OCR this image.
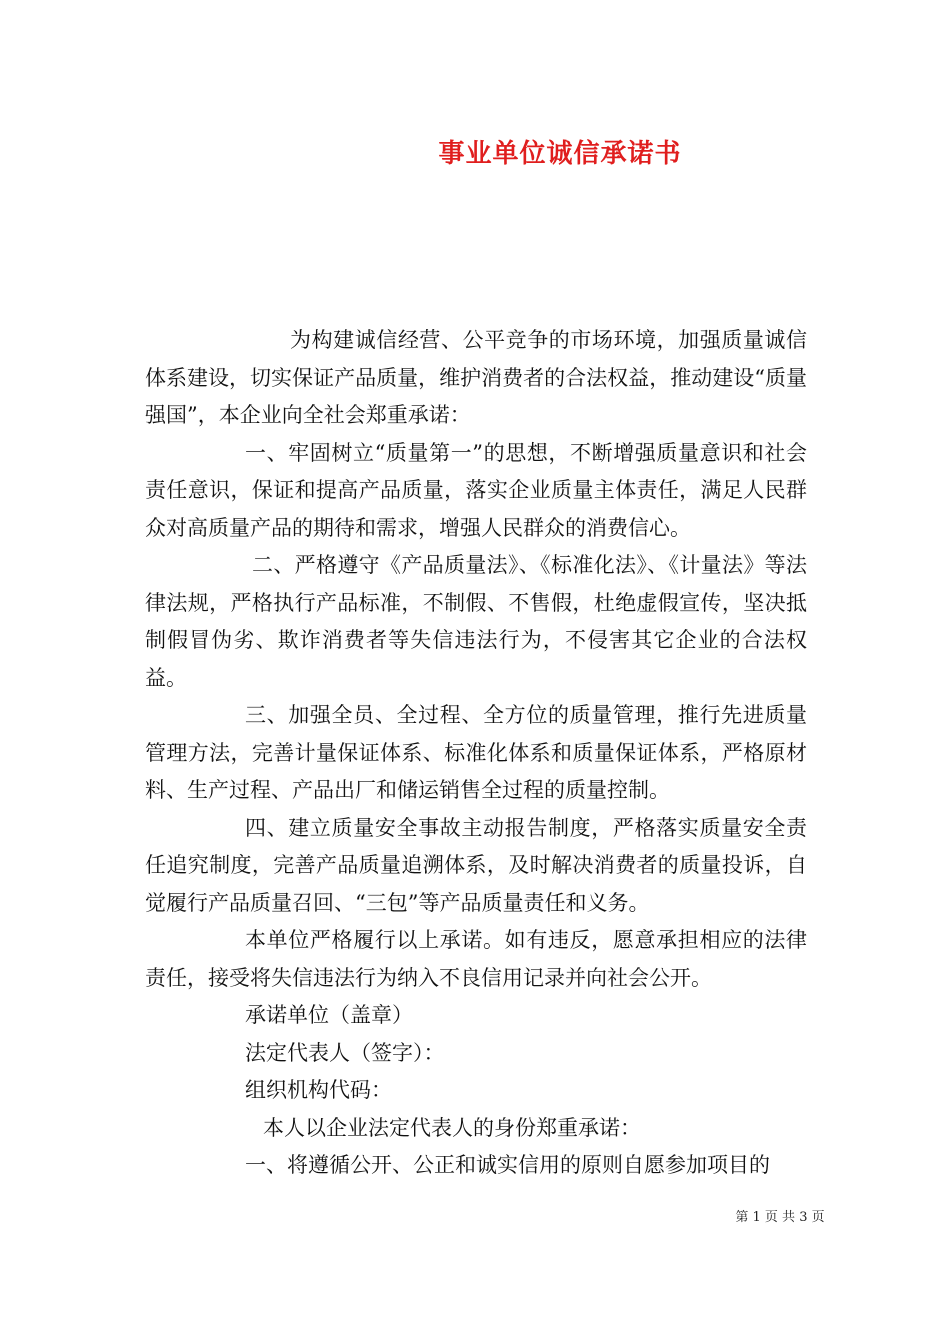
事业单位诚信承诺书

为构建诚信经营、公平竞争的市场环境，加强质量诚信体系建设，切实保证产品质量，维护消费者的合法权益，推动建设“质量强国”，本企业向全社会郑重承诺：

一、牢固树立“质量第一”的思想，不断增强质量意识和社会责任意识，保证和提高产品质量，落实企业质量主体责任，满足人民群众对高质量产品的期待和需求，增强人民群众的消费信心。

二、严格遵守《产品质量法》、《标准化法》、《计量法》等法律法规，严格执行产品标准，不制假、不售假，杜绝虚假宣传，坚决抵制假冒伪劣、欺诈消费者等失信违法行为，不侵害其它企业的合法权益。

三、加强全员、全过程、全方位的质量管理，推行先进质量管理方法，完善计量保证体系、标准化体系和质量保证体系，严格原材料、生产过程、产品出厂和储运销售全过程的质量控制。

四、建立质量安全事故主动报告制度，严格落实质量安全责任追究制度，完善产品质量追溯体系，及时解决消费者的质量投诉，自觉履行产品质量召回、“三包”等产品质量责任和义务。

本单位严格履行以上承诺。如有违反，愿意承担相应的法律责任，接受将失信违法行为纳入不良信用记录并向社会公开。

承诺单位（盖章）

法定代表人（签字）：

组织机构代码：

本人以企业法定代表人的身份郑重承诺：

一、将遵循公开、公正和诚实信用的原则自愿参加项目的

第 1 页 共 3 页
